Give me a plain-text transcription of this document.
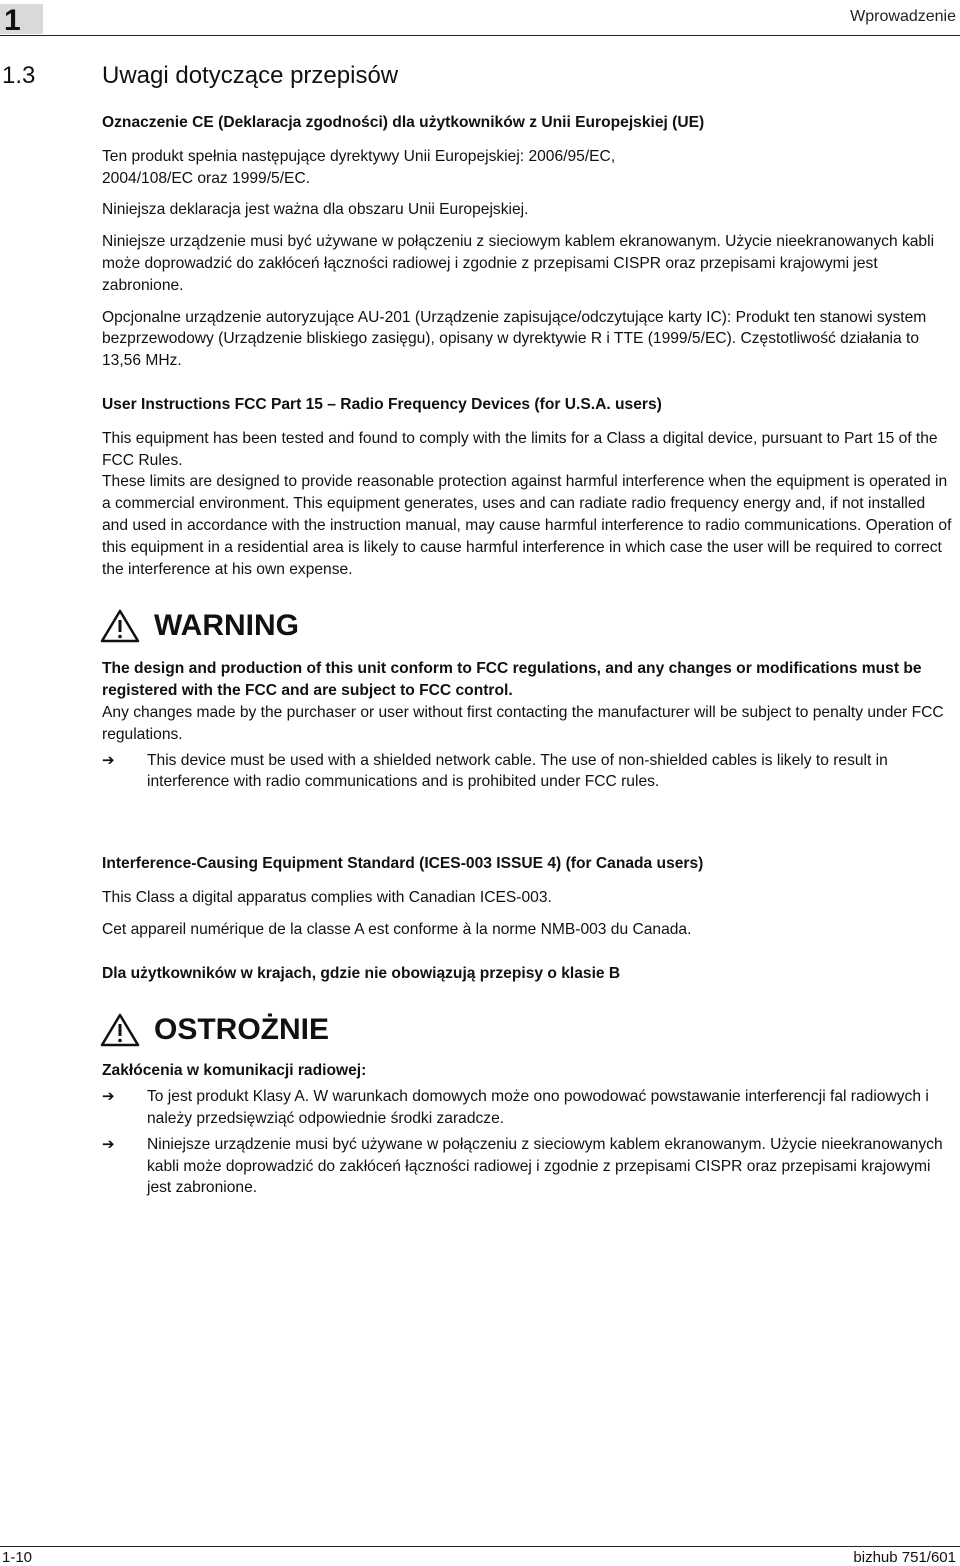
1	Wprowadzenie
1.3	Uwagi dotyczące przepisów

Oznaczenie CE (Deklaracja zgodności) dla użytkowników z Unii Europejskiej (UE)

Ten produkt spełnia następujące dyrektywy Unii Europejskiej: 2006/95/EC, 2004/108/EC oraz 1999/5/EC.

Niniejsza deklaracja jest ważna dla obszaru Unii Europejskiej.

Niniejsze urządzenie musi być używane w połączeniu z sieciowym kablem ekranowanym. Użycie nieekranowanych kabli może doprowadzić do zakłóceń łączności radiowej i zgodnie z przepisami CISPR oraz przepisami krajowymi jest zabronione.

Opcjonalne urządzenie autoryzujące AU-201 (Urządzenie zapisujące/odczytujące karty IC): Produkt ten stanowi system bezprzewodowy (Urządzenie bliskiego zasięgu), opisany w dyrektywie R i TTE (1999/5/EC). Częstotliwość działania to 13,56 MHz.

User Instructions FCC Part 15 – Radio Frequency Devices (for U.S.A. users)

This equipment has been tested and found to comply with the limits for a Class a digital device, pursuant to Part 15 of the FCC Rules.

These limits are designed to provide reasonable protection against harmful interference when the equipment is operated in a commercial environment. This equipment generates, uses and can radiate radio frequency energy and, if not installed and used in accordance with the instruction manual, may cause harmful interference to radio communications. Operation of this equipment in a residential area is likely to cause harmful interference in which case the user will be required to correct the interference at his own expense.

WARNING

The design and production of this unit conform to FCC regulations, and any changes or modifications must be registered with the FCC and are subject to FCC control.

Any changes made by the purchaser or user without first contacting the manufacturer will be subject to penalty under FCC regulations.

➔	This device must be used with a shielded network cable. The use of non-shielded cables is likely to result in interference with radio communications and is prohibited under FCC rules.

Interference-Causing Equipment Standard (ICES-003 ISSUE 4) (for Canada users)

This Class a digital apparatus complies with Canadian ICES-003.

Cet appareil numérique de la classe A est conforme à la norme NMB-003 du Canada.

Dla użytkowników w krajach, gdzie nie obowiązują przepisy o klasie B

OSTROŻNIE

Zakłócenia w komunikacji radiowej:

➔	To jest produkt Klasy A. W warunkach domowych może ono powodować powstawanie interferencji fal radiowych i należy przedsięwziąć odpowiednie środki zaradcze.
➔	Niniejsze urządzenie musi być używane w połączeniu z sieciowym kablem ekranowanym. Użycie nieekranowanych kabli może doprowadzić do zakłóceń łączności radiowej i zgodnie z przepisami CISPR oraz przepisami krajowymi jest zabronione.
1-10	bizhub 751/601
